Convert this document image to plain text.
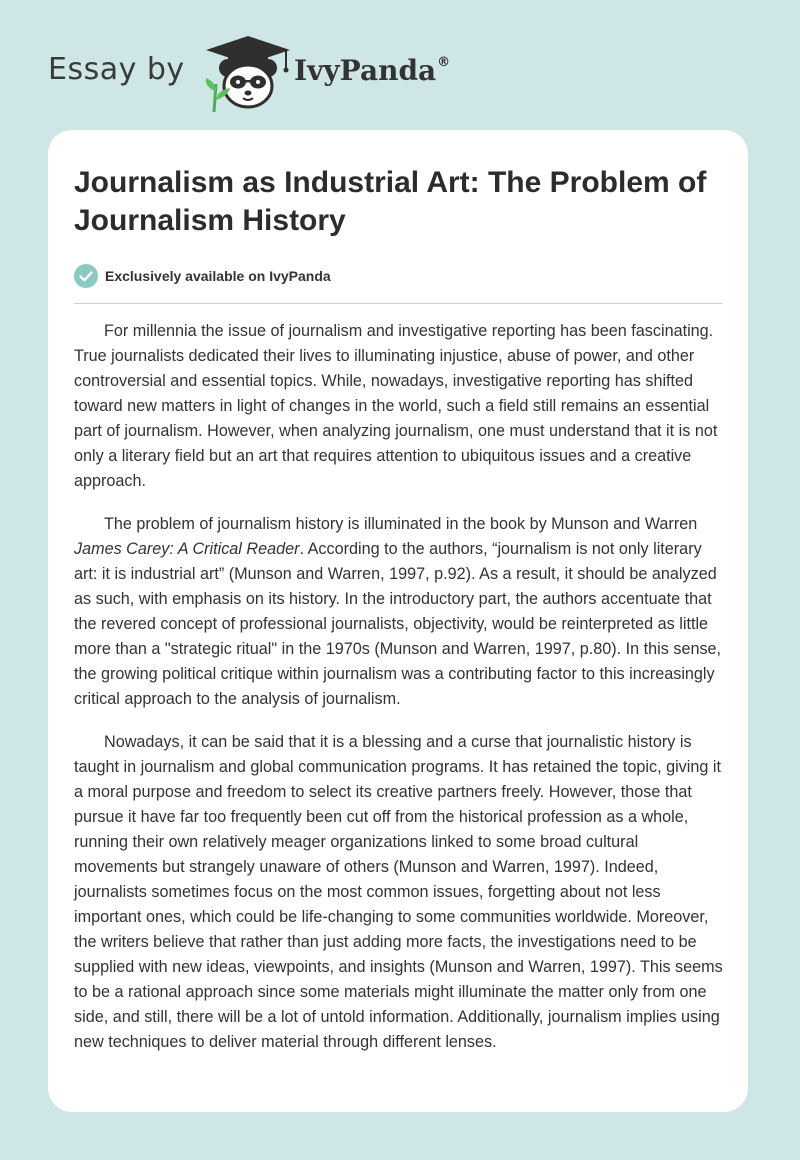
Essay by	IvyPanda®
Journalism as Industrial Art: The Problem of Journalism History
Exclusively available on IvyPanda

For millennia the issue of journalism and investigative reporting has been fascinating. True journalists dedicated their lives to illuminating injustice, abuse of power, and other controversial and essential topics. While, nowadays, investigative reporting has shifted toward new matters in light of changes in the world, such a field still remains an essential part of journalism. However, when analyzing journalism, one must understand that it is not only a literary field but an art that requires attention to ubiquitous issues and a creative approach.

The problem of journalism history is illuminated in the book by Munson and Warren James Carey: A Critical Reader. According to the authors, “journalism is not only literary art: it is industrial art” (Munson and Warren, 1997, p.92). As a result, it should be analyzed as such, with emphasis on its history. In the introductory part, the authors accentuate that the revered concept of professional journalists, objectivity, would be reinterpreted as little more than a "strategic ritual" in the 1970s (Munson and Warren, 1997, p.80). In this sense, the growing political critique within journalism was a contributing factor to this increasingly critical approach to the analysis of journalism.

Nowadays, it can be said that it is a blessing and a curse that journalistic history is taught in journalism and global communication programs. It has retained the topic, giving it a moral purpose and freedom to select its creative partners freely. However, those that pursue it have far too frequently been cut off from the historical profession as a whole, running their own relatively meager organizations linked to some broad cultural movements but strangely unaware of others (Munson and Warren, 1997). Indeed, journalists sometimes focus on the most common issues, forgetting about not less important ones, which could be life-changing to some communities worldwide. Moreover, the writers believe that rather than just adding more facts, the investigations need to be supplied with new ideas, viewpoints, and insights (Munson and Warren, 1997). This seems to be a rational approach since some materials might illuminate the matter only from one side, and still, there will be a lot of untold information. Additionally, journalism implies using new techniques to deliver material through different lenses.
